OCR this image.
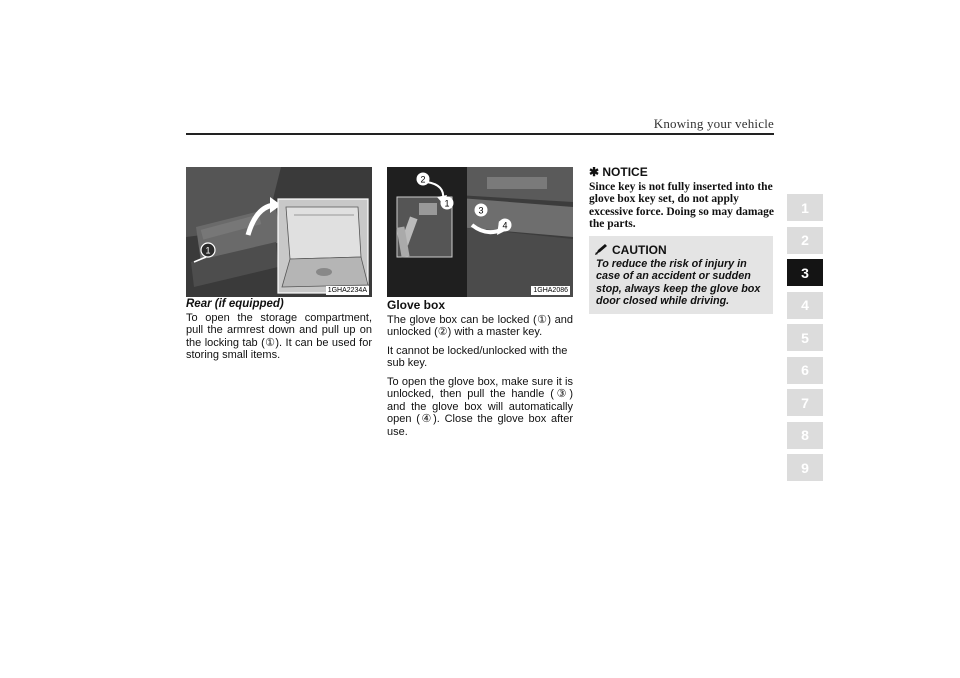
Knowing your vehicle
1
1GHA2234A
2
1
3
4
1GHA2086
Rear (if equipped)

To open the storage compartment, pull the armrest down and pull up on the locking tab (①). It can be used for storing small items.

Glove box

The glove box can be locked (①) and unlocked (②) with a master key.

It cannot be locked/unlocked with the sub key.

To open the glove box, make sure it is unlocked, then pull the handle (③) and the glove box will automatically open (④). Close the glove box after use.

✱ NOTICE
Since key is not fully inserted into the glove box key set, do not apply excessive force. Doing so may damage the parts.
CAUTION
To reduce the risk of injury in case of an accident or sudden stop, always keep the glove box door closed while driving.
1
2
3
4
5
6
7
8
9
